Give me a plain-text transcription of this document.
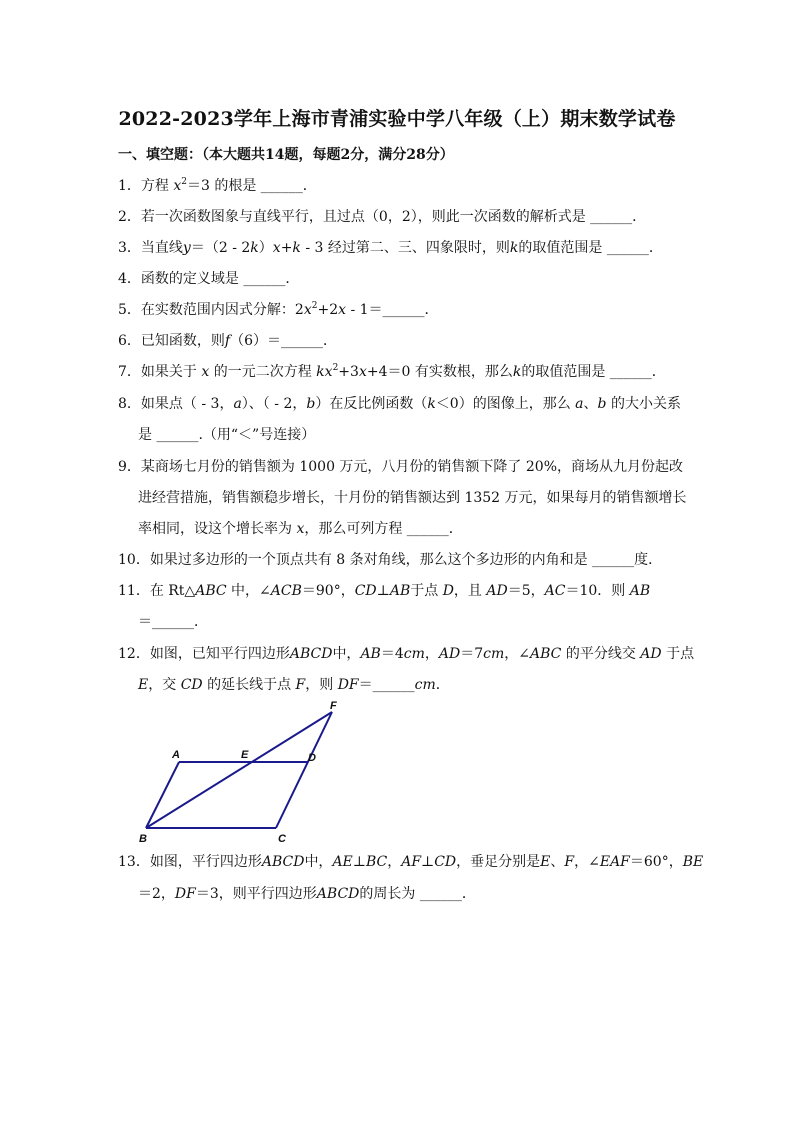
2022-2023学年上海市青浦实验中学八年级（上）期末数学试卷
一、填空题：（本大题共14题，每题2分，满分28分）
1．方程 $x^2=3$ 的根是 ______．
2．若一次函数图象与直线平行，且过点（0，2），则此一次函数的解析式是 ______．
3．当直线y＝（2 - 2k）x+k - 3 经过第二、三、四象限时，则k的取值范围是 ______．
4．函数的定义域是 ______．
5．在实数范围内因式分解：$2x^2+2x$ - 1＝______．
6．已知函数，则f（6）＝______．
7．如果关于 x 的一元二次方程 $kx^2+3x+4=0$ 有实数根，那么k的取值范围是 ______．
8．如果点（ - 3，a）、（ - 2，b）在反比例函数（k＜0）的图像上，那么 a、b 的大小关系
是 ______.（用“＜”号连接）
9．某商场七月份的销售额为 1000 万元，八月份的销售额下降了 20%，商场从九月份起改
进经营措施，销售额稳步增长，十月份的销售额达到 1352 万元，如果每月的销售额增长
率相同，设这个增长率为 x，那么可列方程 ______．
10．如果过多边形的一个顶点共有 8 条对角线，那么这个多边形的内角和是 ______度．
11．在 Rt△ABC 中，∠ACB＝90°，CD⊥AB于点 D，且 AD＝5，AC＝10．则 AB
＝______．
12．如图，已知平行四边形ABCD中，AB＝4cm，AD＝7cm，∠ABC 的平分线交 AD 于点
E，交 CD 的延长线于点 F，则 DF＝______cm．
A
B	C
D
E
F
13．如图，平行四边形ABCD中，AE⊥BC，AF⊥CD，垂足分别是E、F，∠EAF＝60°，BE
＝2，DF＝3，则平行四边形ABCD的周长为 ______．
